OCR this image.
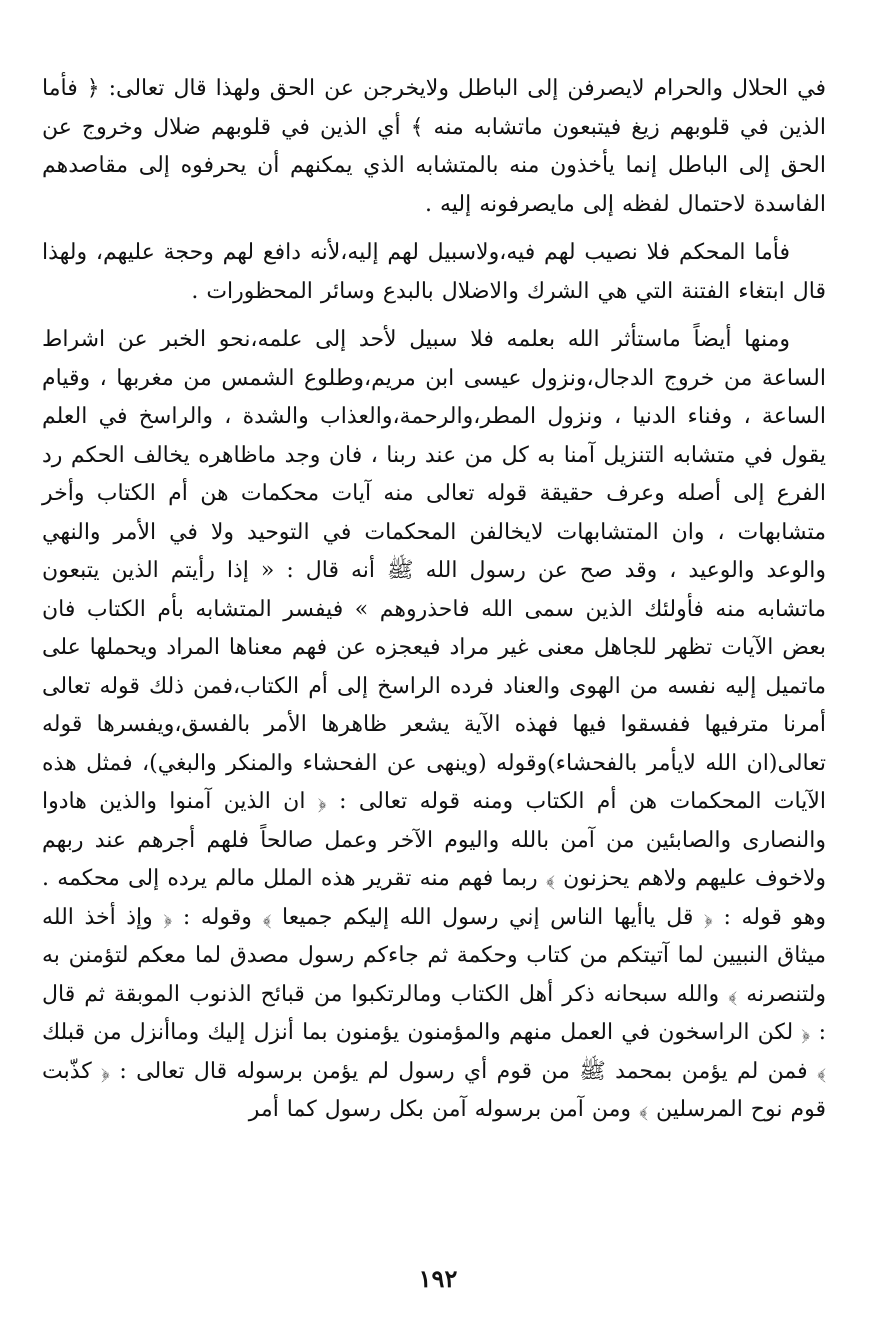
في الحلال والحرام لايصرفن إلى الباطل ولايخرجن عن الحق ولهذا قال تعالى: ﴿ فأما الذين في قلوبهم زيغ فيتبعون ماتشابه منه ﴾ أي الذين في قلوبهم ضلال وخروج عن الحق إلى الباطل إنما يأخذون منه بالمتشابه الذي يمكنهم أن يحرفوه إلى مقاصدهم الفاسدة لاحتمال لفظه إلى مايصرفونه إليه .

فأما المحكم فلا نصيب لهم فيه،ولاسبيل لهم إليه،لأنه دافع لهم وحجة عليهم، ولهذا قال ابتغاء الفتنة التي هي الشرك والاضلال بالبدع وسائر المحظورات .

ومنها أيضاً ماستأثر الله بعلمه فلا سبيل لأحد إلى علمه،نحو الخبر عن اشراط الساعة من خروج الدجال،ونزول عيسى ابن مريم،وطلوع الشمس من مغربها ، وقيام الساعة ، وفناء الدنيا ، ونزول المطر،والرحمة،والعذاب والشدة ، والراسخ في العلم يقول في متشابه التنزيل آمنا به كل من عند ربنا ، فان وجد ماظاهره يخالف الحكم رد الفرع إلى أصله وعرف حقيقة قوله تعالى منه آيات محكمات هن أم الكتاب وأخر متشابهات ، وان المتشابهات لايخالفن المحكمات في التوحيد ولا في الأمر والنهي والوعد والوعيد ، وقد صح عن رسول الله ﷺ أنه قال : « إذا رأيتم الذين يتبعون ماتشابه منه فأولئك الذين سمى الله فاحذروهم » فيفسر المتشابه بأم الكتاب فان بعض الآيات تظهر للجاهل معنى غير مراد فيعجزه عن فهم معناها المراد ويحملها على ماتميل إليه نفسه من الهوى والعناد فرده الراسخ إلى أم الكتاب،فمن ذلك قوله تعالى أمرنا مترفيها ففسقوا فيها فهذه الآية يشعر ظاهرها الأمر بالفسق،ويفسرها قوله تعالى(ان الله لايأمر بالفحشاء)وقوله (وينهى عن الفحشاء والمنكر والبغي)، فمثل هذه الآيات المحكمات هن أم الكتاب ومنه قوله تعالى : ﴿ ان الذين آمنوا والذين هادوا والنصارى والصابئين من آمن بالله واليوم الآخر وعمل صالحاً فلهم أجرهم عند ربهم ولاخوف عليهم ولاهم يحزنون ﴾ ربما فهم منه تقرير هذه الملل مالم يرده إلى محكمه . وهو قوله : ﴿ قل ياأيها الناس إني رسول الله إليكم جميعا ﴾ وقوله : ﴿ وإذ أخذ الله ميثاق النبيين لما آتيتكم من كتاب وحكمة ثم جاءكم رسول مصدق لما معكم لتؤمنن به ولتنصرنه ﴾ والله سبحانه ذكر أهل الكتاب ومالرتكبوا من قبائح الذنوب الموبقة ثم قال : ﴿ لكن الراسخون في العمل منهم والمؤمنون يؤمنون بما أنزل إليك وماأنزل من قبلك ﴾ فمن لم يؤمن بمحمد ﷺ من قوم أي رسول لم يؤمن برسوله قال تعالى : ﴿ كذّبت قوم نوح المرسلين ﴾ ومن آمن برسوله آمن بكل رسول كما أمر

١٩٢
